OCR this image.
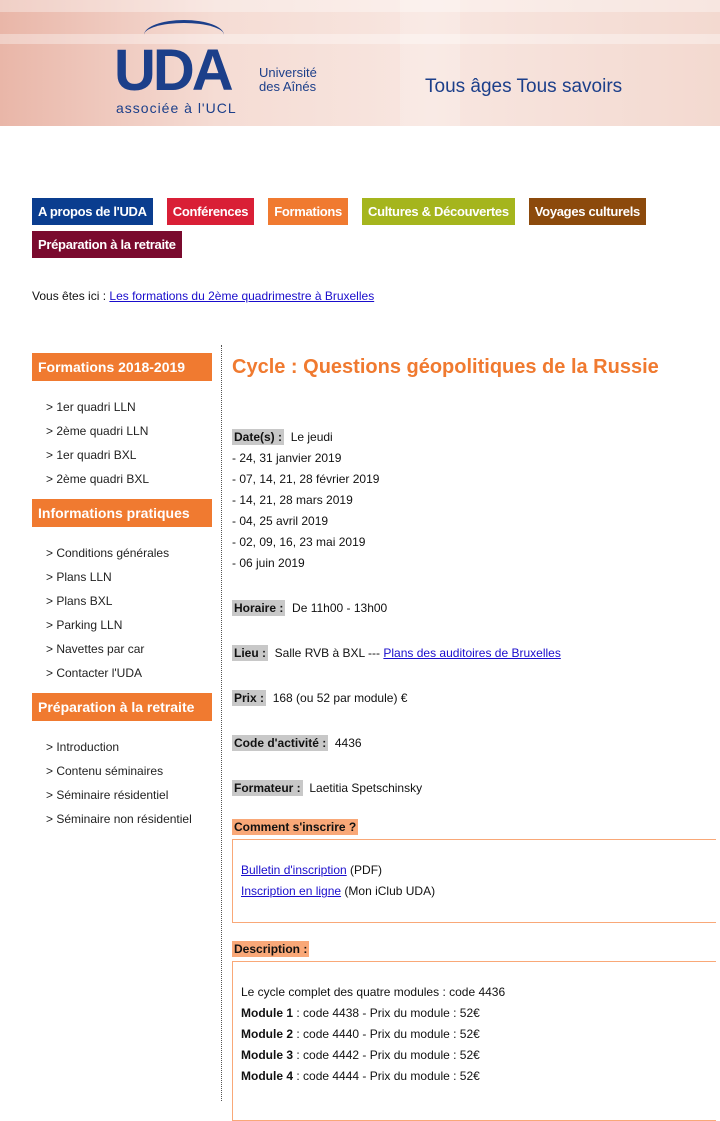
UDA Université
des Aînés
associée à l'UCL
Tous âges Tous savoirs
A propos de l'UDA	Conférences	Formations	Cultures & Découvertes	Voyages culturels
Préparation à la retraite
Vous êtes ici : Les formations du 2ème quadrimestre à Bruxelles
Formations 2018-2019
> 1er quadri LLN
> 2ème quadri LLN
> 1er quadri BXL
> 2ème quadri BXL
Informations pratiques
> Conditions générales
> Plans LLN
> Plans BXL
> Parking LLN
> Navettes par car
> Contacter l'UDA
Préparation à la retraite
> Introduction
> Contenu séminaires
> Séminaire résidentiel
> Séminaire non résidentiel
Cycle : Questions géopolitiques de la Russie
Date(s) : Le jeudi
- 24, 31 janvier 2019
- 07, 14, 21, 28 février 2019
- 14, 21, 28 mars 2019
- 04, 25 avril 2019
- 02, 09, 16, 23 mai 2019
- 06 juin 2019
Horaire : De 11h00 - 13h00
Lieu : Salle RVB à BXL --- Plans des auditoires de Bruxelles
Prix : 168 (ou 52 par module) €
Code d'activité : 4436
Formateur : Laetitia Spetschinsky
Comment s'inscrire ?
Bulletin d'inscription (PDF)
Inscription en ligne (Mon iClub UDA)
Description :
Le cycle complet des quatre modules : code 4436
Module 1 : code 4438 - Prix du module : 52€
Module 2 : code 4440 - Prix du module : 52€
Module 3 : code 4442 - Prix du module : 52€
Module 4 : code 4444 - Prix du module : 52€
